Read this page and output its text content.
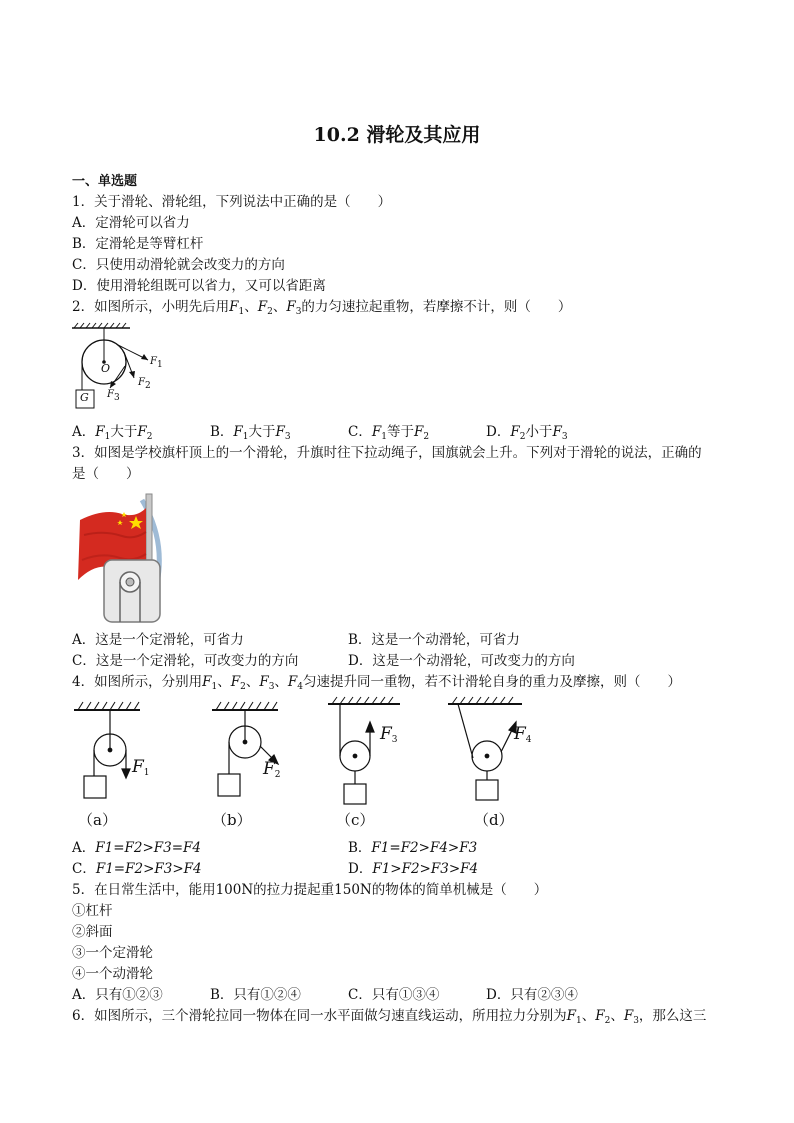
10.2 滑轮及其应用
一、单选题
1．关于滑轮、滑轮组，下列说法中正确的是（　　）
A．定滑轮可以省力
B．定滑轮是等臂杠杆
C．只使用动滑轮就会改变力的方向
D．使用滑轮组既可以省力，又可以省距离
2．如图所示，小明先后用$F_1$、$F_2$、$F_3$的力匀速拉起重物，若摩擦不计，则（　　）
O
G
$F_1$
$F_2$
$F_3$
A．$F_1$大于$F_2$	B．$F_1$大于$F_3$	C．$F_1$等于$F_2$	D．$F_2$小于$F_3$
3．如图是学校旗杆顶上的一个滑轮，升旗时往下拉动绳子，国旗就会上升。下列对于滑轮的说法，正确的
是（　　）
A．这是一个定滑轮，可省力	B．这是一个动滑轮，可省力
C．这是一个定滑轮，可改变力的方向	D．这是一个动滑轮，可改变力的方向
4．如图所示，分别用$F_1$、$F_2$、$F_3$、$F_4$匀速提升同一重物，若不计滑轮自身的重力及摩擦，则（　　）
$F_1$	$F_2$
$F_3$	$F_4$
（a）	（b）	（c）	（d）
A．F1=F2>F3=F4	B．F1=F2>F4>F3
C．F1=F2>F3>F4	D．F1>F2>F3>F4
5．在日常生活中，能用100N的拉力提起重150N的物体的简单机械是（　　）
①杠杆
②斜面
③一个定滑轮
④一个动滑轮
A．只有①②③	B．只有①②④	C．只有①③④	D．只有②③④
6．如图所示，三个滑轮拉同一物体在同一水平面做匀速直线运动，所用拉力分别为$F_1$、$F_2$、$F_3$，那么这三
